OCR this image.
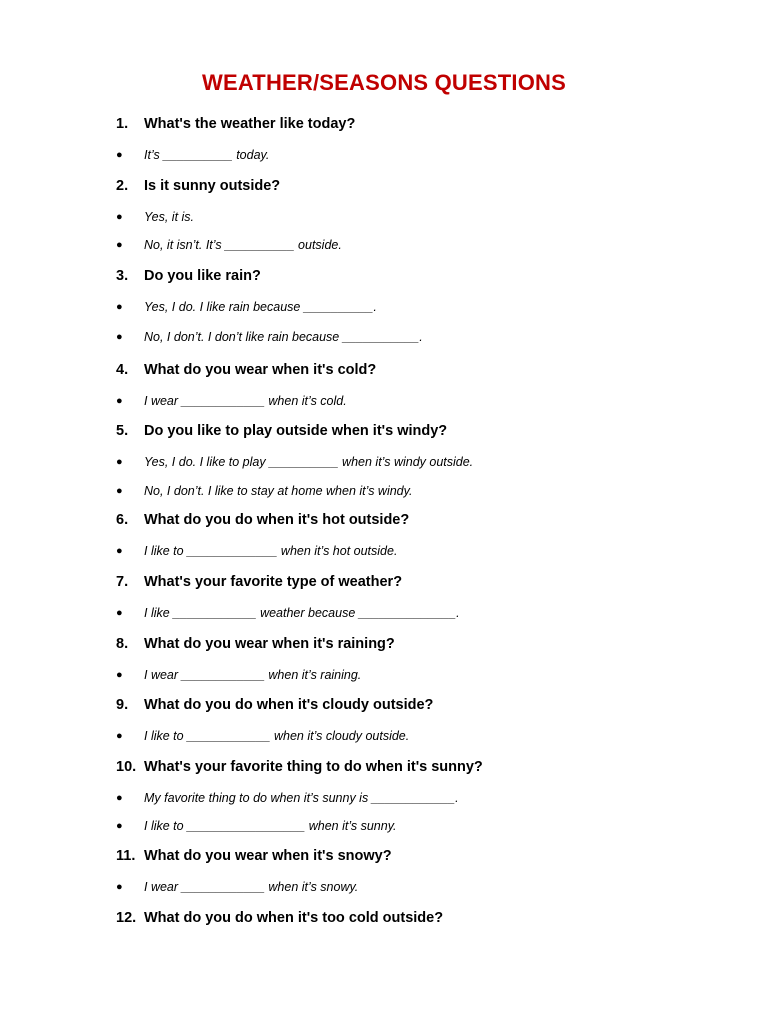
WEATHER/SEASONS QUESTIONS
1. What's the weather like today?
● It’s __________ today.
2. Is it sunny outside?
● Yes, it is.
● No, it isn’t. It’s __________ outside.
3. Do you like rain?
● Yes, I do. I like rain because __________.
● No, I don’t. I don’t like rain because ___________.
4. What do you wear when it's cold?
● I wear ____________ when it’s cold.
5. Do you like to play outside when it's windy?
● Yes, I do. I like to play __________ when it’s windy outside.
● No, I don’t. I like to stay at home when it’s windy.
6. What do you do when it's hot outside?
● I like to _____________ when it’s hot outside.
7. What's your favorite type of weather?
● I like ____________ weather because ______________.
8. What do you wear when it's raining?
● I wear ____________ when it’s raining.
9. What do you do when it's cloudy outside?
● I like to ____________ when it’s cloudy outside.
10. What's your favorite thing to do when it's sunny?
● My favorite thing to do when it’s sunny is ____________.
● I like to _________________ when it’s sunny.
11. What do you wear when it's snowy?
● I wear ____________ when it’s snowy.
12. What do you do when it's too cold outside?
